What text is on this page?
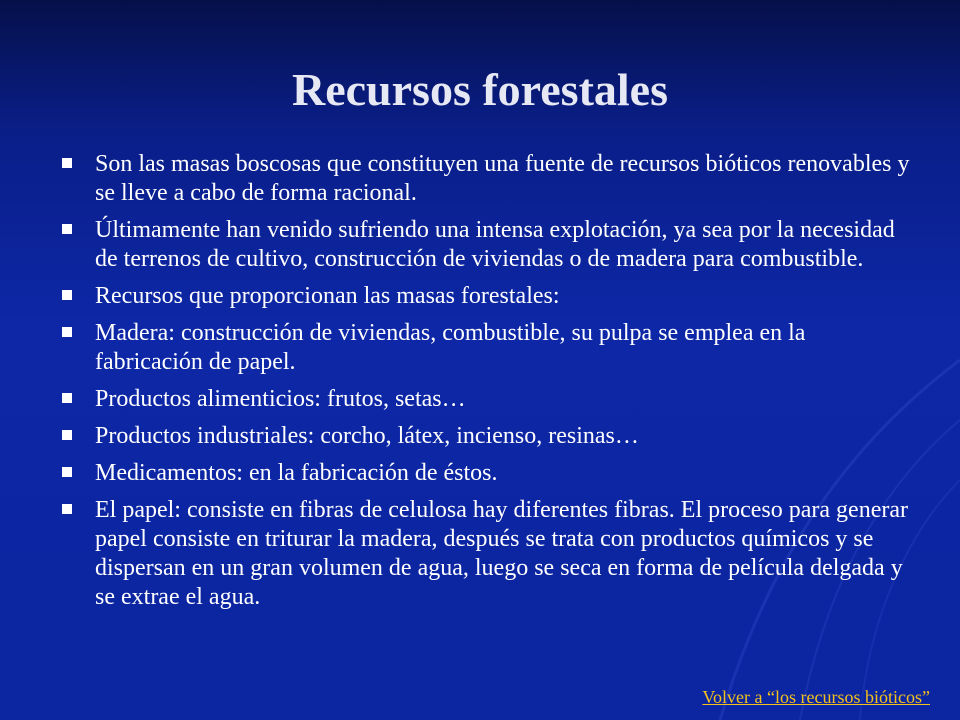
Recursos forestales
Son las masas boscosas que constituyen una fuente de recursos bióticos renovables y se lleve a cabo de forma racional.
Últimamente han venido sufriendo una intensa explotación, ya sea por la necesidad de terrenos de cultivo, construcción de viviendas o de madera para combustible.
Recursos que proporcionan las masas forestales:
Madera: construcción de viviendas, combustible, su pulpa se emplea en la fabricación de papel.
Productos alimenticios: frutos, setas…
Productos industriales: corcho, látex, incienso, resinas…
Medicamentos: en la fabricación de éstos.
El papel: consiste en fibras de celulosa hay diferentes fibras. El proceso para generar papel consiste en triturar la madera, después se trata con productos químicos y se dispersan en un gran volumen de agua, luego se seca en forma de película delgada y se extrae el agua.
Volver a “los recursos bióticos”
